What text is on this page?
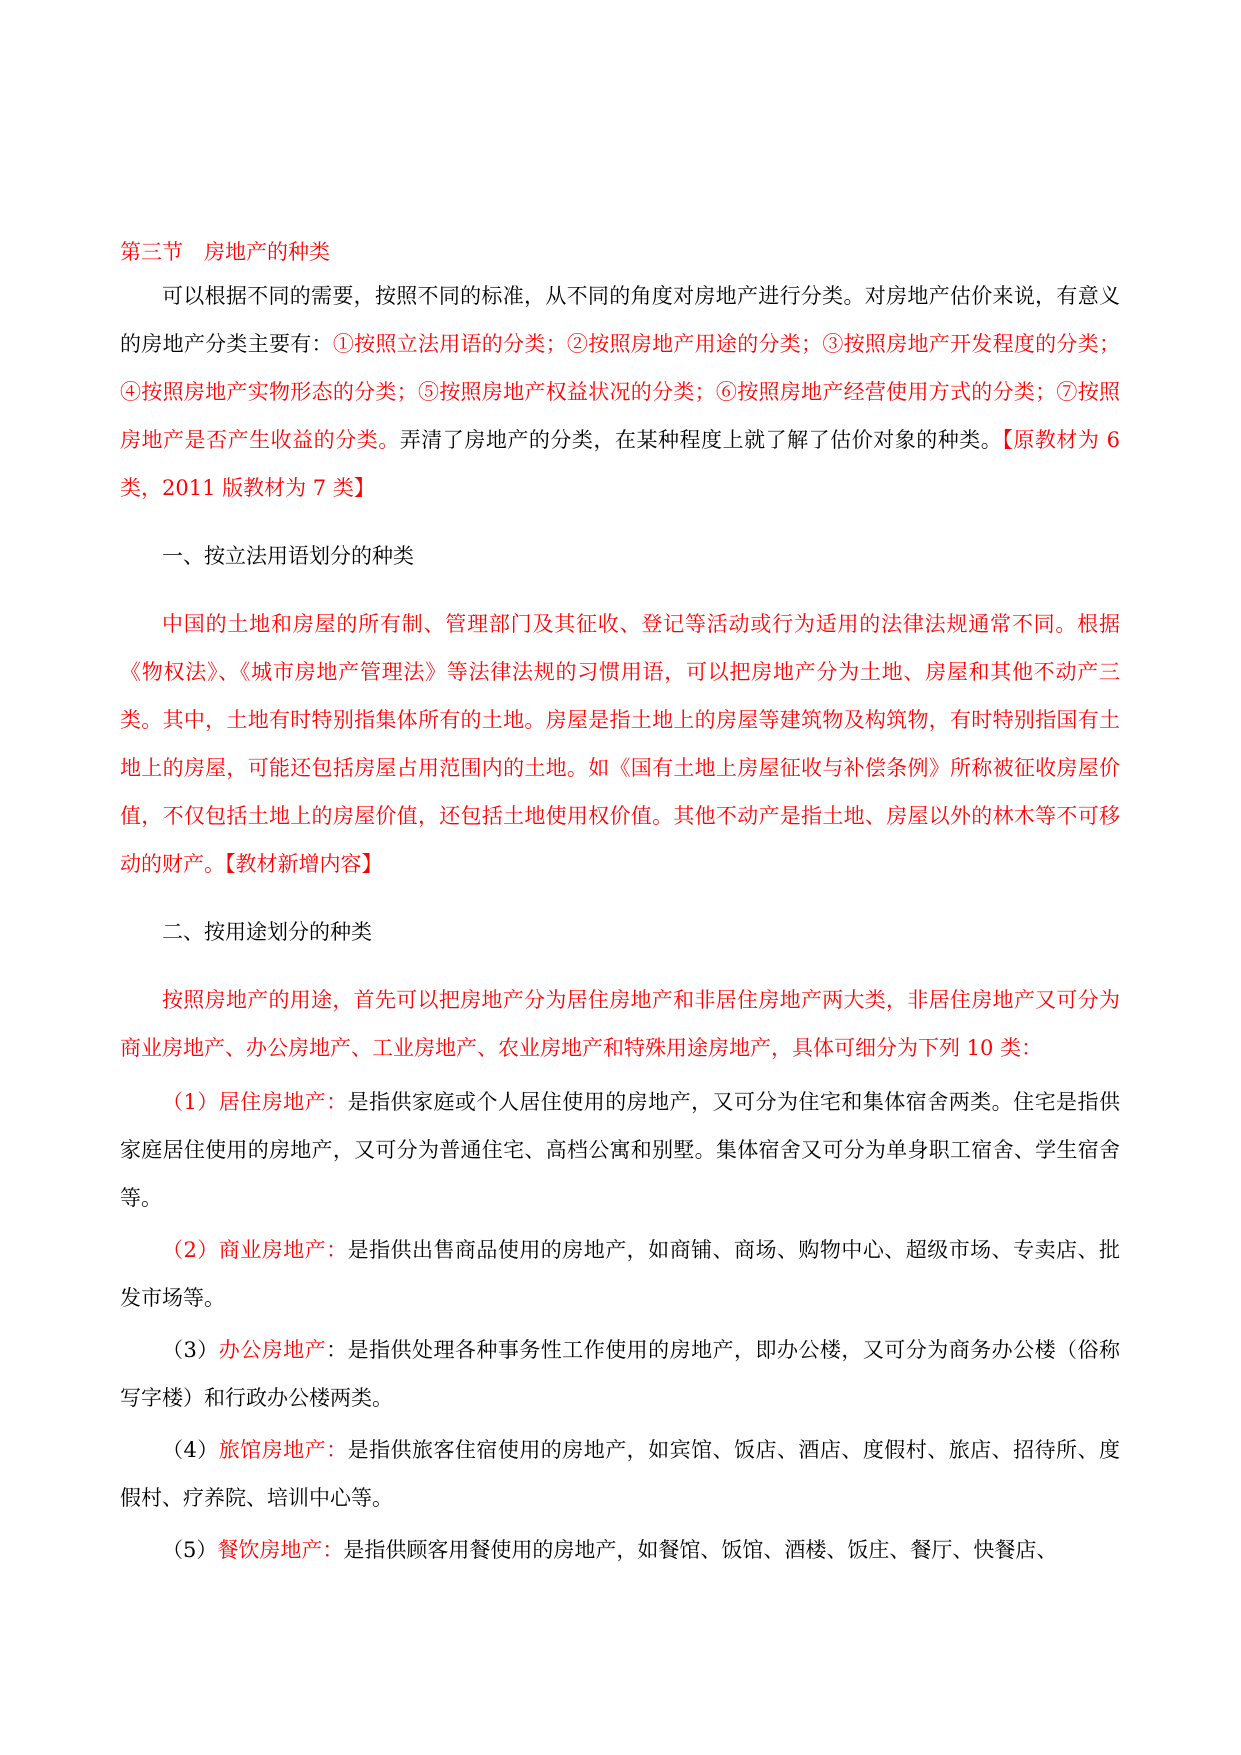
第三节　房地产的种类

可以根据不同的需要，按照不同的标准，从不同的角度对房地产进行分类。对房地产估价来说，有意义的房地产分类主要有：①按照立法用语的分类；②按照房地产用途的分类；③按照房地产开发程度的分类；④按照房地产实物形态的分类；⑤按照房地产权益状况的分类；⑥按照房地产经营使用方式的分类；⑦按照房地产是否产生收益的分类。弄清了房地产的分类，在某种程度上就了解了估价对象的种类。【原教材为 6 类，2011 版教材为 7 类】

一、按立法用语划分的种类

中国的土地和房屋的所有制、管理部门及其征收、登记等活动或行为适用的法律法规通常不同。根据《物权法》、《城市房地产管理法》等法律法规的习惯用语，可以把房地产分为土地、房屋和其他不动产三类。其中，土地有时特别指集体所有的土地。房屋是指土地上的房屋等建筑物及构筑物，有时特别指国有土地上的房屋，可能还包括房屋占用范围内的土地。如《国有土地上房屋征收与补偿条例》所称被征收房屋价值，不仅包括土地上的房屋价值，还包括土地使用权价值。其他不动产是指土地、房屋以外的林木等不可移动的财产。【教材新增内容】

二、按用途划分的种类

按照房地产的用途，首先可以把房地产分为居住房地产和非居住房地产两大类，非居住房地产又可分为商业房地产、办公房地产、工业房地产、农业房地产和特殊用途房地产，具体可细分为下列 10 类：

（1）居住房地产：是指供家庭或个人居住使用的房地产，又可分为住宅和集体宿舍两类。住宅是指供家庭居住使用的房地产，又可分为普通住宅、高档公寓和别墅。集体宿舍又可分为单身职工宿舍、学生宿舍等。

（2）商业房地产：是指供出售商品使用的房地产，如商铺、商场、购物中心、超级市场、专卖店、批发市场等。

（3）办公房地产：是指供处理各种事务性工作使用的房地产，即办公楼，又可分为商务办公楼（俗称写字楼）和行政办公楼两类。

（4）旅馆房地产：是指供旅客住宿使用的房地产，如宾馆、饭店、酒店、度假村、旅店、招待所、度假村、疗养院、培训中心等。

（5）餐饮房地产：是指供顾客用餐使用的房地产，如餐馆、饭馆、酒楼、饭庄、餐厅、快餐店、
